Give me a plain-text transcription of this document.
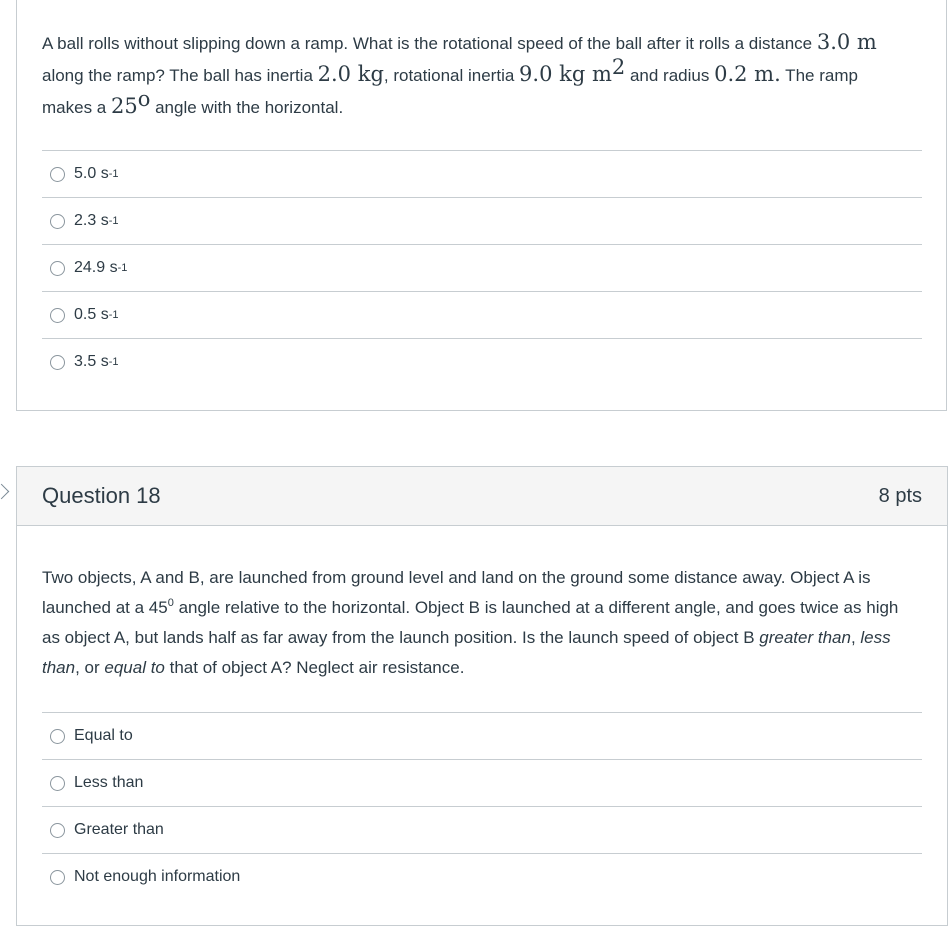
A ball rolls without slipping down a ramp. What is the rotational speed of the ball after it rolls a distance 3.0 m along the ramp? The ball has inertia 2.0 kg, rotational inertia 9.0 kg $m^2$ and radius 0.2 m. The ramp makes a 25$^o$ angle with the horizontal.
5.0 s -1
2.3 s -1
24.9 s -1
0.5 s -1
3.5 s -1
Question 18	8 pts
Two objects, A and B, are launched from ground level and land on the ground some distance away. Object A is launched at a $45^0$ angle relative to the horizontal. Object B is launched at a different angle, and goes twice as high as object A, but lands half as far away from the launch position. Is the launch speed of object B greater than, less than, or equal to that of object A? Neglect air resistance.
Equal to
Less than
Greater than
Not enough information
